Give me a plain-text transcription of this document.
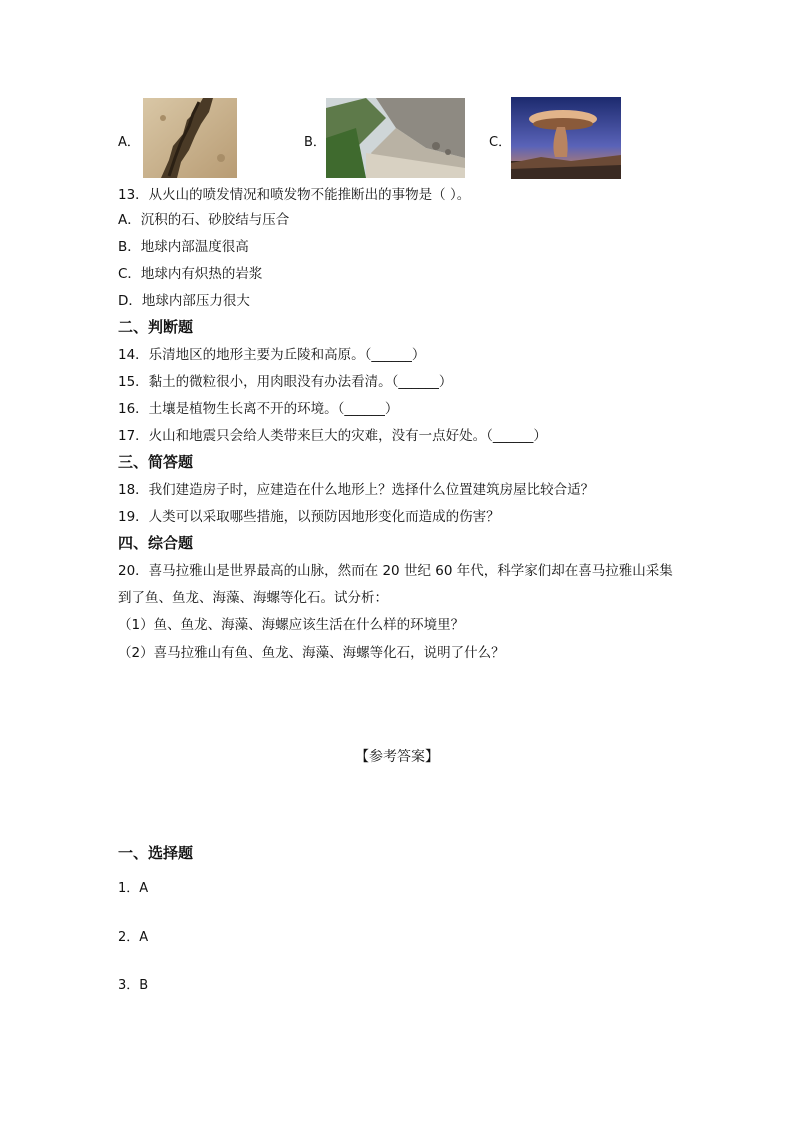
A．	B．	C．
13．从火山的喷发情况和喷发物不能推断出的事物是（ ）。
A．沉积的石、砂胶结与压合
B．地球内部温度很高
C．地球内有炽热的岩浆
D．地球内部压力很大
二、判断题
14．乐清地区的地形主要为丘陵和高原。（______）
15．黏土的微粒很小，用肉眼没有办法看清。（______）
16．土壤是植物生长离不开的环境。（______）
17．火山和地震只会给人类带来巨大的灾难，没有一点好处。（______）
三、简答题
18．我们建造房子时，应建造在什么地形上？选择什么位置建筑房屋比较合适？
19．人类可以采取哪些措施，以预防因地形变化而造成的伤害？
四、综合题
20．喜马拉雅山是世界最高的山脉，然而在 20 世纪 60 年代，科学家们却在喜马拉雅山采集
到了鱼、鱼龙、海藻、海螺等化石。试分析：
（1）鱼、鱼龙、海藻、海螺应该生活在什么样的环境里？
（2）喜马拉雅山有鱼、鱼龙、海藻、海螺等化石，说明了什么？
【参考答案】
一、选择题
1．A
2．A
3．B
